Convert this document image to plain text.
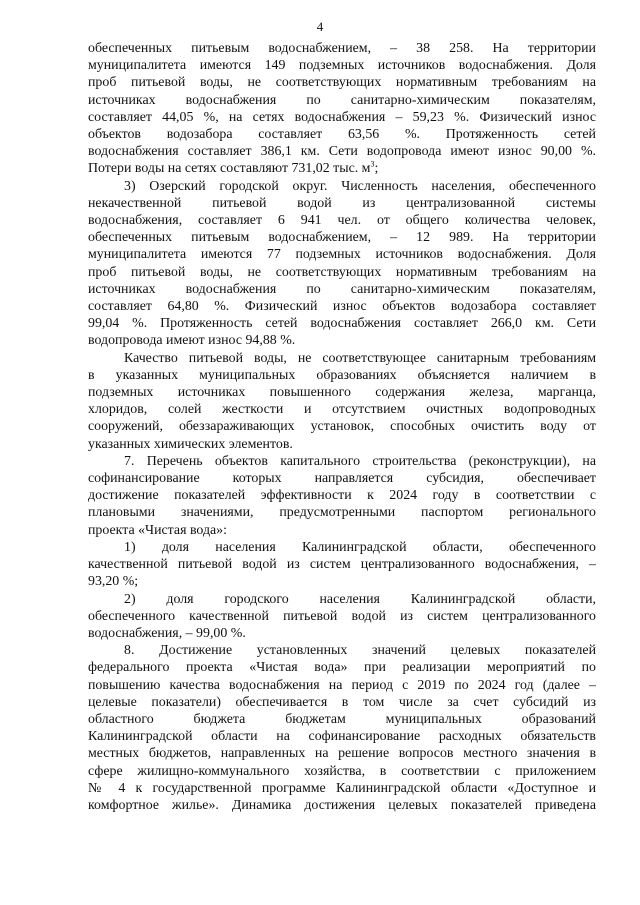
4
обеспеченных питьевым водоснабжением, – 38 258. На территории
муниципалитета имеются 149 подземных источников водоснабжения. Доля
проб питьевой воды, не соответствующих нормативным требованиям на
источниках водоснабжения по санитарно-химическим показателям,
составляет 44,05 %, на сетях водоснабжения – 59,23 %. Физический износ
объектов водозабора составляет 63,56 %. Протяженность сетей
водоснабжения составляет 386,1 км. Сети водопровода имеют износ 90,00 %.
Потери воды на сетях составляют 731,02 тыс. $м^3$;
3) Озерский городской округ. Численность населения, обеспеченного
некачественной питьевой водой из централизованной системы
водоснабжения, составляет 6 941 чел. от общего количества человек,
обеспеченных питьевым водоснабжением, – 12 989. На территории
муниципалитета имеются 77 подземных источников водоснабжения. Доля
проб питьевой воды, не соответствующих нормативным требованиям на
источниках водоснабжения по санитарно-химическим показателям,
составляет 64,80 %. Физический износ объектов водозабора составляет
99,04 %. Протяженность сетей водоснабжения составляет 266,0 км. Сети
водопровода имеют износ 94,88 %.
Качество питьевой воды, не соответствующее санитарным требованиям
в указанных муниципальных образованиях объясняется наличием в
подземных источниках повышенного содержания железа, марганца,
хлоридов, солей жесткости и отсутствием очистных водопроводных
сооружений, обеззараживающих установок, способных очистить воду от
указанных химических элементов.
7. Перечень объектов капитального строительства (реконструкции), на
софинансирование которых направляется субсидия, обеспечивает
достижение показателей эффективности к 2024 году в соответствии с
плановыми значениями, предусмотренными паспортом регионального
проекта «Чистая вода»:
1) доля населения Калининградской области, обеспеченного
качественной питьевой водой из систем централизованного водоснабжения, –
93,20 %;
2) доля городского населения Калининградской области,
обеспеченного качественной питьевой водой из систем централизованного
водоснабжения, – 99,00 %.
8. Достижение установленных значений целевых показателей
федерального проекта «Чистая вода» при реализации мероприятий по
повышению качества водоснабжения на период с 2019 по 2024 год (далее –
целевые показатели) обеспечивается в том числе за счет субсидий из
областного бюджета бюджетам муниципальных образований
Калининградской области на софинансирование расходных обязательств
местных бюджетов, направленных на решение вопросов местного значения в
сфере жилищно-коммунального хозяйства, в соответствии с приложением
№ 4 к государственной программе Калининградской области «Доступное и
комфортное жилье». Динамика достижения целевых показателей приведена
